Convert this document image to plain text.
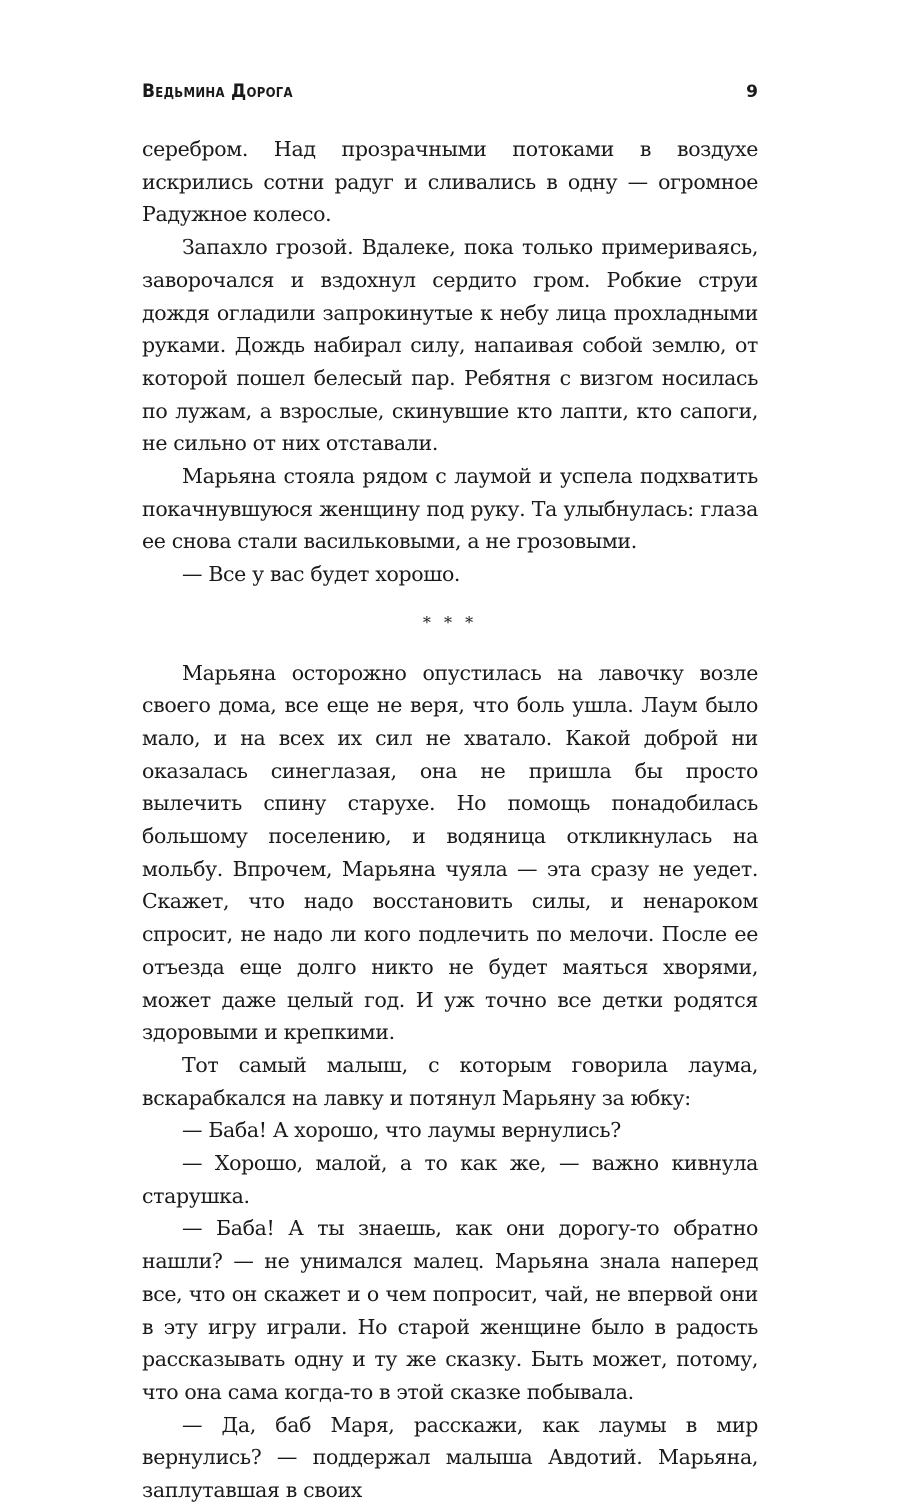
Ведьмина Дорога	9

серебром. Над прозрачными потоками в воздухе искрились сотни радуг и сливались в одну — огромное Радужное колесо.

Запахло грозой. Вдалеке, пока только примериваясь, заворочался и вздохнул сердито гром. Робкие струи дождя огладили запрокинутые к небу лица прохладными руками. Дождь набирал силу, напаивая собой землю, от которой пошел белесый пар. Ребятня с визгом носилась по лужам, а взрослые, скинувшие кто лапти, кто сапоги, не сильно от них отставали.

Марьяна стояла рядом с лаумой и успела подхватить покачнувшуюся женщину под руку. Та улыбнулась: глаза ее снова стали васильковыми, а не грозовыми.

— Все у вас будет хорошо.

* * *

Марьяна осторожно опустилась на лавочку возле своего дома, все еще не веря, что боль ушла. Лаум было мало, и на всех их сил не хватало. Какой доброй ни оказалась синеглазая, она не пришла бы просто вылечить спину старухе. Но помощь понадобилась большому поселению, и водяница откликнулась на мольбу. Впрочем, Марьяна чуяла — эта сразу не уедет. Скажет, что надо восстановить силы, и ненароком спросит, не надо ли кого подлечить по мелочи. После ее отъезда еще долго никто не будет маяться хворями, может даже целый год. И уж точно все детки родятся здоровыми и крепкими.

Тот самый малыш, с которым говорила лаума, вскарабкался на лавку и потянул Марьяну за юбку:

— Баба! А хорошо, что лаумы вернулись?

— Хорошо, малой, а то как же, — важно кивнула старушка.

— Баба! А ты знаешь, как они дорогу-то обратно нашли? — не унимался малец. Марьяна знала наперед все, что он скажет и о чем попросит, чай, не впервой они в эту игру играли. Но старой женщине было в радость рассказывать одну и ту же сказку. Быть может, потому, что она сама когда-то в этой сказке побывала.

— Да, баб Маря, расскажи, как лаумы в мир вернулись? — поддержал малыша Авдотий. Марьяна, заплутавшая в своих
